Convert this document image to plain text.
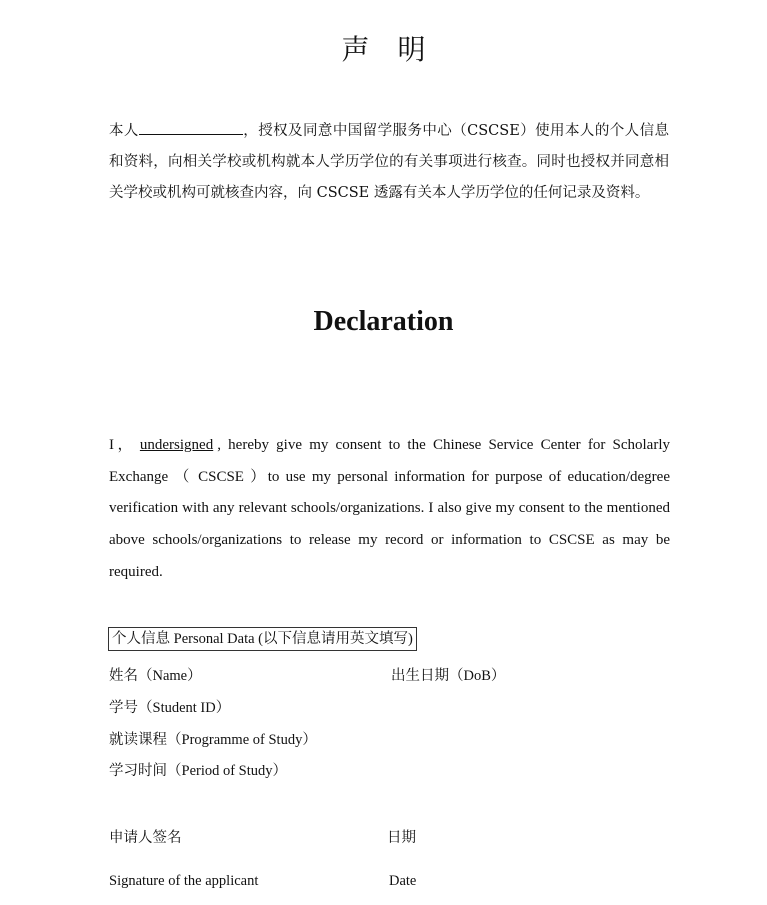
声明
本人	，授权及同意中国留学服务中心（CSCSE）使用本人的个人信息和资料，向相关学校或机构就本人学历学位的有关事项进行核查。同时也授权并同意相关学校或机构可就核查内容，向 CSCSE 透露有关本人学历学位的任何记录及资料。
Declaration
I， undersigned , hereby give my consent to the Chinese Service Center for Scholarly Exchange （ CSCSE ）to use my personal information for purpose of education/degree verification with any relevant schools/organizations. I also give my consent to the mentioned above schools/organizations to release my record or information to CSCSE as may be required.
个人信息 Personal Data (以下信息请用英文填写)
姓名（Name）	出生日期（DoB）
学号（Student ID）
就读课程（Programme of Study）
学习时间（Period of Study）
申请人签名	日期
Signature of the applicant	Date
